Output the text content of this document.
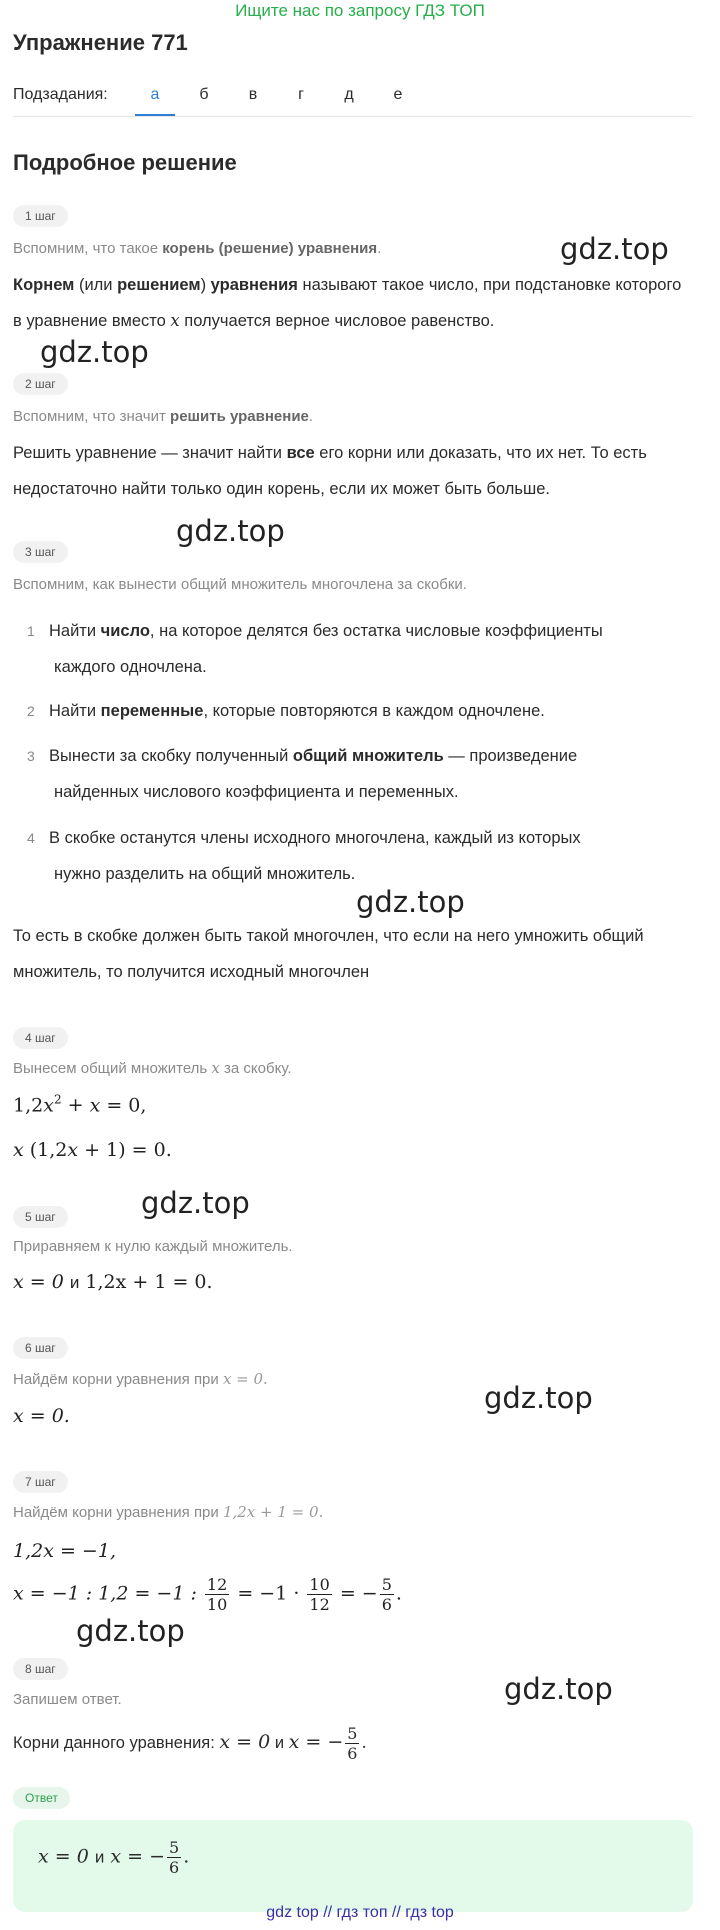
Ищите нас по запросу ГДЗ ТОП
Упражнение 771
Подзадания:	а	б	в	г	д	е
Подробное решение
1 шаг
Вспомним, что такое корень (решение) уравнения.
Корнем (или решением) уравнения называют такое число, при подстановке которого в уравнение вместо x получается верное числовое равенство.
2 шаг
Вспомним, что значит решить уравнение.
Решить уравнение — значит найти все его корни или доказать, что их нет. То есть недостаточно найти только один корень, если их может быть больше.
3 шаг
Вспомним, как вынести общий множитель многочлена за скобки.
1 Найти число, на которое делятся без остатка числовые коэффициенты
каждого одночлена.
2 Найти переменные, которые повторяются в каждом одночлене.
3 Вынести за скобку полученный общий множитель — произведение
найденных числового коэффициента и переменных.
4 В скобке останутся члены исходного многочлена, каждый из которых
нужно разделить на общий множитель.
То есть в скобке должен быть такой многочлен, что если на него умножить общий множитель, то получится исходный многочлен
4 шаг
Вынесем общий множитель x за скобку.
$1,2x^2 + x = 0$,
x (1,2x + 1) = 0.
5 шаг
Приравняем к нулю каждый множитель.
x = 0 и 1,2x + 1 = 0.
6 шаг
Найдём корни уравнения при x = 0.
x = 0.
7 шаг
Найдём корни уравнения при 1,2x + 1 = 0.
1,2x = −1,
x = −1 : 1,2 = −1 : $\frac{12}{10} = -1 \cdot \frac{10}{12}$ = − $\frac{5}{6}$ .
8 шаг
Запишем ответ.
Корни данного уравнения: x = 0 и x = − $\frac{5}{6}$ .
Ответ
x = 0 и x = − $\frac{5}{6}$ .
gdz.top
gdz.top
gdz.top
gdz.top
gdz.top
gdz.top
gdz.top
gdz.top
gdz top // гдз топ // гдз top
